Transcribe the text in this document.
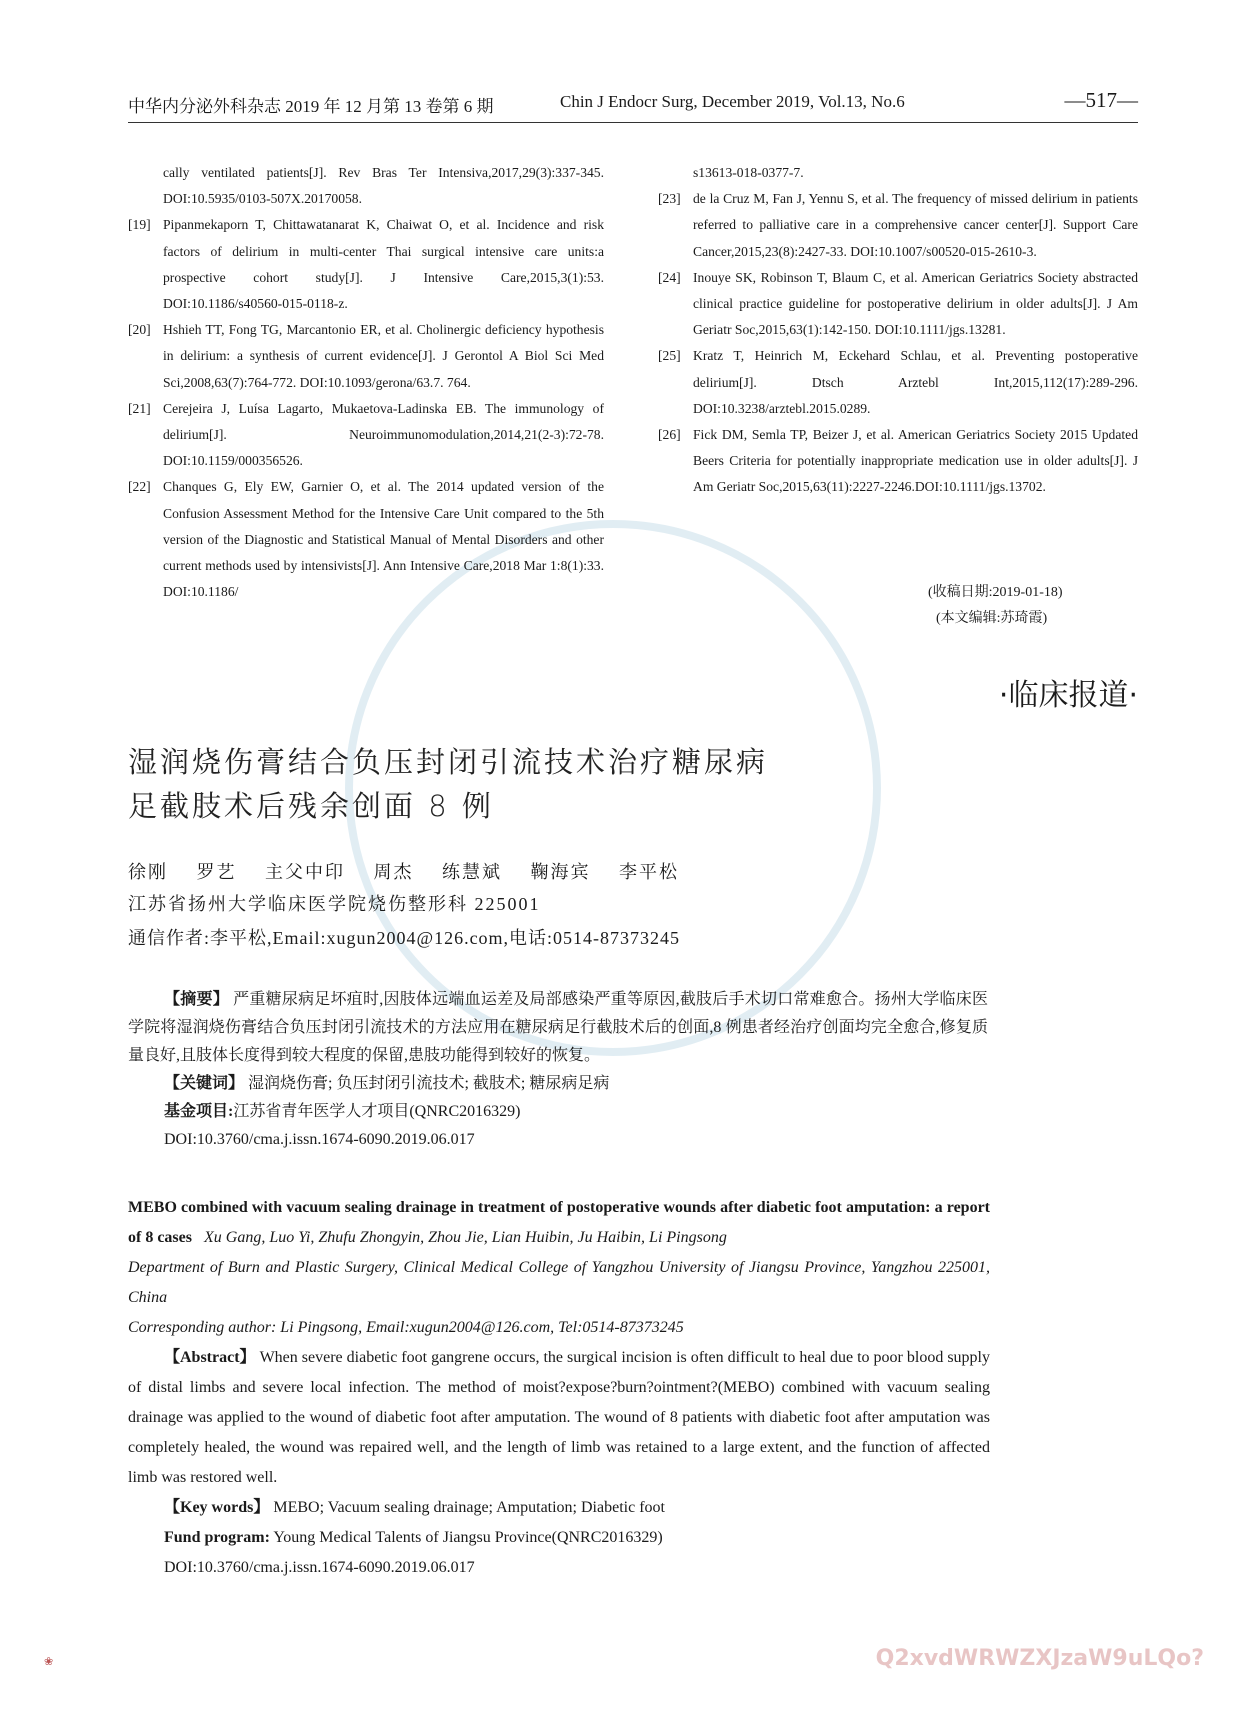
中华内分泌外科杂志 2019 年 12 月第 13 卷第 6 期	Chin J Endocr Surg, December 2019, Vol.13, No.6	—517—
cally ventilated patients[J]. Rev Bras Ter Intensiva,2017,29(3):337-345. DOI:10.5935/0103-507X.20170058.
[19] Pipanmekaporn T, Chittawatanarat K, Chaiwat O, et al. Incidence and risk factors of delirium in multi-center Thai surgical intensive care units:a prospective cohort study[J]. J Intensive Care,2015,3(1):53. DOI:10.1186/s40560-015-0118-z.
[20] Hshieh TT, Fong TG, Marcantonio ER, et al. Cholinergic deficiency hypothesis in delirium: a synthesis of current evidence[J]. J Gerontol A Biol Sci Med Sci,2008,63(7):764-772. DOI:10.1093/gerona/63.7. 764.
[21] Cerejeira J, Luísa Lagarto, Mukaetova-Ladinska EB. The immunology of delirium[J]. Neuroimmunomodulation,2014,21(2-3):72-78. DOI:10.1159/000356526.
[22] Chanques G, Ely EW, Garnier O, et al. The 2014 updated version of the Confusion Assessment Method for the Intensive Care Unit compared to the 5th version of the Diagnostic and Statistical Manual of Mental Disorders and other current methods used by intensivists[J]. Ann Intensive Care,2018 Mar 1:8(1):33. DOI:10.1186/
s13613-018-0377-7.
[23] de la Cruz M, Fan J, Yennu S, et al. The frequency of missed delirium in patients referred to palliative care in a comprehensive cancer center[J]. Support Care Cancer,2015,23(8):2427-33. DOI:10.1007/s00520-015-2610-3.
[24] Inouye SK, Robinson T, Blaum C, et al. American Geriatrics Society abstracted clinical practice guideline for postoperative delirium in older adults[J]. J Am Geriatr Soc,2015,63(1):142-150. DOI:10.1111/jgs.13281.
[25] Kratz T, Heinrich M, Eckehard Schlau, et al. Preventing postoperative delirium[J]. Dtsch Arztebl Int,2015,112(17):289-296. DOI:10.3238/arztebl.2015.0289.
[26] Fick DM, Semla TP, Beizer J, et al. American Geriatrics Society 2015 Updated Beers Criteria for potentially inappropriate medication use in older adults[J]. J Am Geriatr Soc,2015,63(11):2227-2246.DOI:10.1111/jgs.13702.
(收稿日期:2019-01-18)
(本文编辑:苏琦霞)
·临床报道·
湿润烧伤膏结合负压封闭引流技术治疗糖尿病
足截肢术后残余创面 8 例
徐刚 罗艺 主父中印 周杰 练慧斌 鞠海宾 李平松
江苏省扬州大学临床医学院烧伤整形科 225001
通信作者:李平松,Email:xugun2004@126.com,电话:0514-87373245

【摘要】 严重糖尿病足坏疽时,因肢体远端血运差及局部感染严重等原因,截肢后手术切口常难愈合。扬州大学临床医学院将湿润烧伤膏结合负压封闭引流技术的方法应用在糖尿病足行截肢术后的创面,8 例患者经治疗创面均完全愈合,修复质量良好,且肢体长度得到较大程度的保留,患肢功能得到较好的恢复。

【关键词】 湿润烧伤膏; 负压封闭引流技术; 截肢术; 糖尿病足病

基金项目:江苏省青年医学人才项目(QNRC2016329)

DOI:10.3760/cma.j.issn.1674-6090.2019.06.017

MEBO combined with vacuum sealing drainage in treatment of postoperative wounds after diabetic foot amputation: a report of 8 cases Xu Gang, Luo Yi, Zhufu Zhongyin, Zhou Jie, Lian Huibin, Ju Haibin, Li Pingsong

Department of Burn and Plastic Surgery, Clinical Medical College of Yangzhou University of Jiangsu Province, Yangzhou 225001, China

Corresponding author: Li Pingsong, Email:xugun2004@126.com, Tel:0514-87373245

【Abstract】 When severe diabetic foot gangrene occurs, the surgical incision is often difficult to heal due to poor blood supply of distal limbs and severe local infection. The method of moist?expose?burn?ointment?(MEBO) combined with vacuum sealing drainage was applied to the wound of diabetic foot after amputation. The wound of 8 patients with diabetic foot after amputation was completely healed, the wound was repaired well, and the length of limb was retained to a large extent, and the function of affected limb was restored well.

【Key words】 MEBO; Vacuum sealing drainage; Amputation; Diabetic foot

Fund program: Young Medical Talents of Jiangsu Province(QNRC2016329)

DOI:10.3760/cma.j.issn.1674-6090.2019.06.017

❀	Q2xvdWRWZXJzaW9uLQo?
